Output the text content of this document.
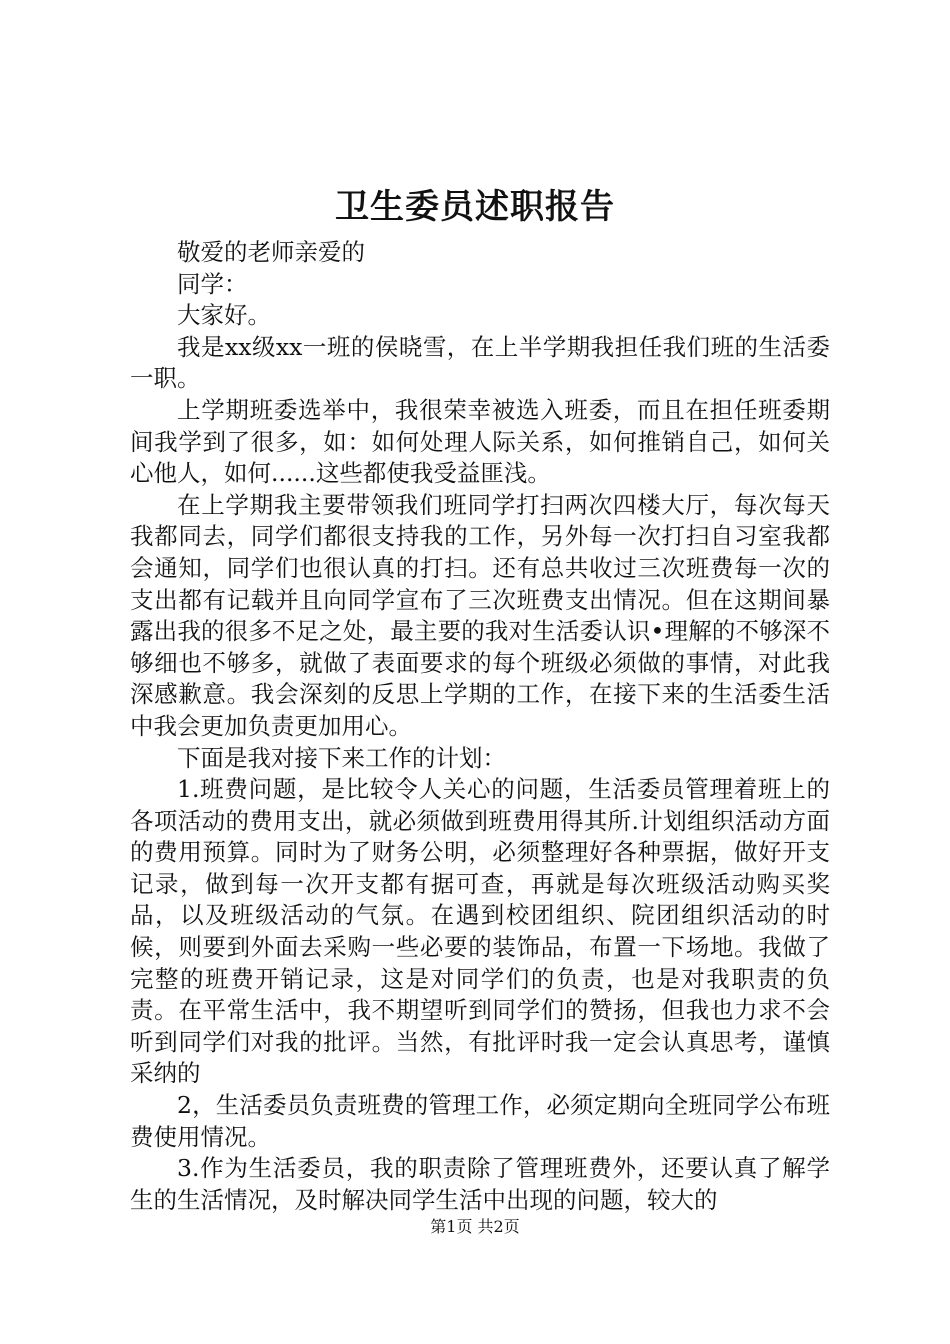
卫生委员述职报告

敬爱的老师亲爱的

同学：

大家好。

我是xx级xx一班的侯晓雪，在上半学期我担任我们班的生活委一职。

上学期班委选举中，我很荣幸被选入班委，而且在担任班委期间我学到了很多，如：如何处理人际关系，如何推销自己，如何关心他人，如何......这些都使我受益匪浅。

在上学期我主要带领我们班同学打扫两次四楼大厅，每次每天我都同去，同学们都很支持我的工作，另外每一次打扫自习室我都会通知，同学们也很认真的打扫。还有总共收过三次班费每一次的支出都有记载并且向同学宣布了三次班费支出情况。但在这期间暴露出我的很多不足之处，最主要的我对生活委认识•理解的不够深不够细也不够多，就做了表面要求的每个班级必须做的事情，对此我深感歉意。我会深刻的反思上学期的工作，在接下来的生活委生活中我会更加负责更加用心。

下面是我对接下来工作的计划：

1.班费问题，是比较令人关心的问题，生活委员管理着班上的各项活动的费用支出，就必须做到班费用得其所.计划组织活动方面的费用预算。同时为了财务公明，必须整理好各种票据，做好开支记录，做到每一次开支都有据可查，再就是每次班级活动购买奖品，以及班级活动的气氛。在遇到校团组织、院团组织活动的时候，则要到外面去采购一些必要的装饰品，布置一下场地。我做了完整的班费开销记录，这是对同学们的负责，也是对我职责的负责。在平常生活中，我不期望听到同学们的赞扬，但我也力求不会听到同学们对我的批评。当然，有批评时我一定会认真思考，谨慎采纳的

2，生活委员负责班费的管理工作，必须定期向全班同学公布班费使用情况。

3.作为生活委员，我的职责除了管理班费外，还要认真了解学生的生活情况，及时解决同学生活中出现的问题，较大的

第1页 共2页
